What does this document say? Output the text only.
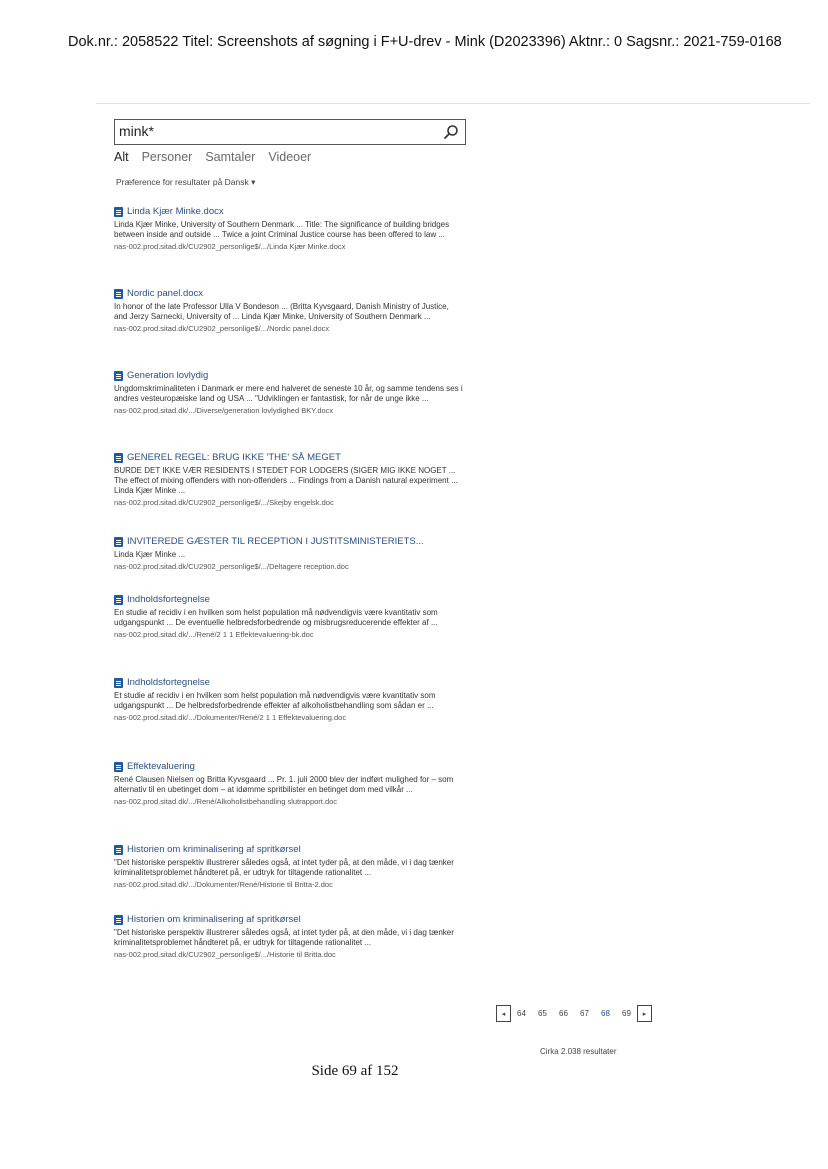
Dok.nr.: 2058522 Titel: Screenshots af søgning i F+U-drev - Mink (D2023396) Aktnr.: 0 Sagsnr.: 2021-759-0168
mink*
Alt Personer Samtaler Videoer
Præference for resultater på Dansk ▾
Linda Kjær Minke.docx
Linda Kjær Minke, University of Southern Denmark ... Title: The significance of building bridges between inside and outside ... Twice a joint Criminal Justice course has been offered to law ...
nas-002.prod.sitad.dk/CU2902_personlige$/.../Linda Kjær Minke.docx
Nordic panel.docx
In honor of the late Professor Ulla V Bondeson ... (Britta Kyvsgaard, Danish Ministry of Justice, and Jerzy Sarnecki, University of ... Linda Kjær Minke, University of Southern Denmark ...
nas-002.prod.sitad.dk/CU2902_personlige$/.../Nordic panel.docx
Generation lovlydig
Ungdomskriminaliteten i Danmark er mere end halveret de seneste 10 år, og samme tendens ses i andres vesteuropæiske land og USA ... "Udviklingen er fantastisk, for når de unge ikke ...
nas-002.prod.sitad.dk/.../Diverse/generation lovlydighed BKY.docx
GENEREL REGEL: BRUG IKKE 'THE' SÅ MEGET
BURDE DET IKKE VÆR RESIDENTS I STEDET FOR LODGERS (SIGER MIG IKKE NOGET ... The effect of mixing offenders with non-offenders ... Findings from a Danish natural experiment ... Linda Kjær Minke ...
nas-002.prod.sitad.dk/CU2902_personlige$/.../Skejby engelsk.doc
INVITEREDE GÆSTER TIL RECEPTION I JUSTITSMINISTERIETS...
Linda Kjær Minke ...
nas-002.prod.sitad.dk/CU2902_personlige$/.../Deltagere reception.doc
Indholdsfortegnelse
En studie af recidiv i en hvilken som helst population må nødvendigvis være kvantitativ som udgangspunkt ... De eventuelle helbredsforbedrende og misbrugsreducerende effekter af ...
nas-002.prod.sitad.dk/.../René/2 1 1 Effektevaluering-bk.doc
Indholdsfortegnelse
Et studie af recidiv i en hvilken som helst population må nødvendigvis være kvantitativ som udgangspunkt ... De helbredsforbedrende effekter af alkoholistbehandling som sådan er ...
nas-002.prod.sitad.dk/.../Dokumenter/René/2 1 1 Effektevaluering.doc
Effektevaluering
René Clausen Nielsen og Britta Kyvsgaard ... Pr. 1. juli 2000 blev der indført mulighed for – som alternativ til en ubetinget dom – at idømme spritbilister en betinget dom med vilkår ...
nas-002.prod.sitad.dk/.../René/Alkoholistbehandling slutrapport.doc
Historien om kriminalisering af spritkørsel
"Det historiske perspektiv illustrerer således også, at intet tyder på, at den måde, vi i dag tænker kriminalitetsproblemet håndteret på, er udtryk for tiltagende rationalitet ...
nas-002.prod.sitad.dk/.../Dokumenter/René/Historie til Britta-2.doc
Historien om kriminalisering af spritkørsel
"Det historiske perspektiv illustrerer således også, at intet tyder på, at den måde, vi i dag tænker kriminalitetsproblemet håndteret på, er udtryk for tiltagende rationalitet ...
nas-002.prod.sitad.dk/CU2902_personlige$/.../Historie til Britta.doc
◂	64	65	66	67	68	69	▸
Cirka 2.038 resultater
Side 69 af 152
